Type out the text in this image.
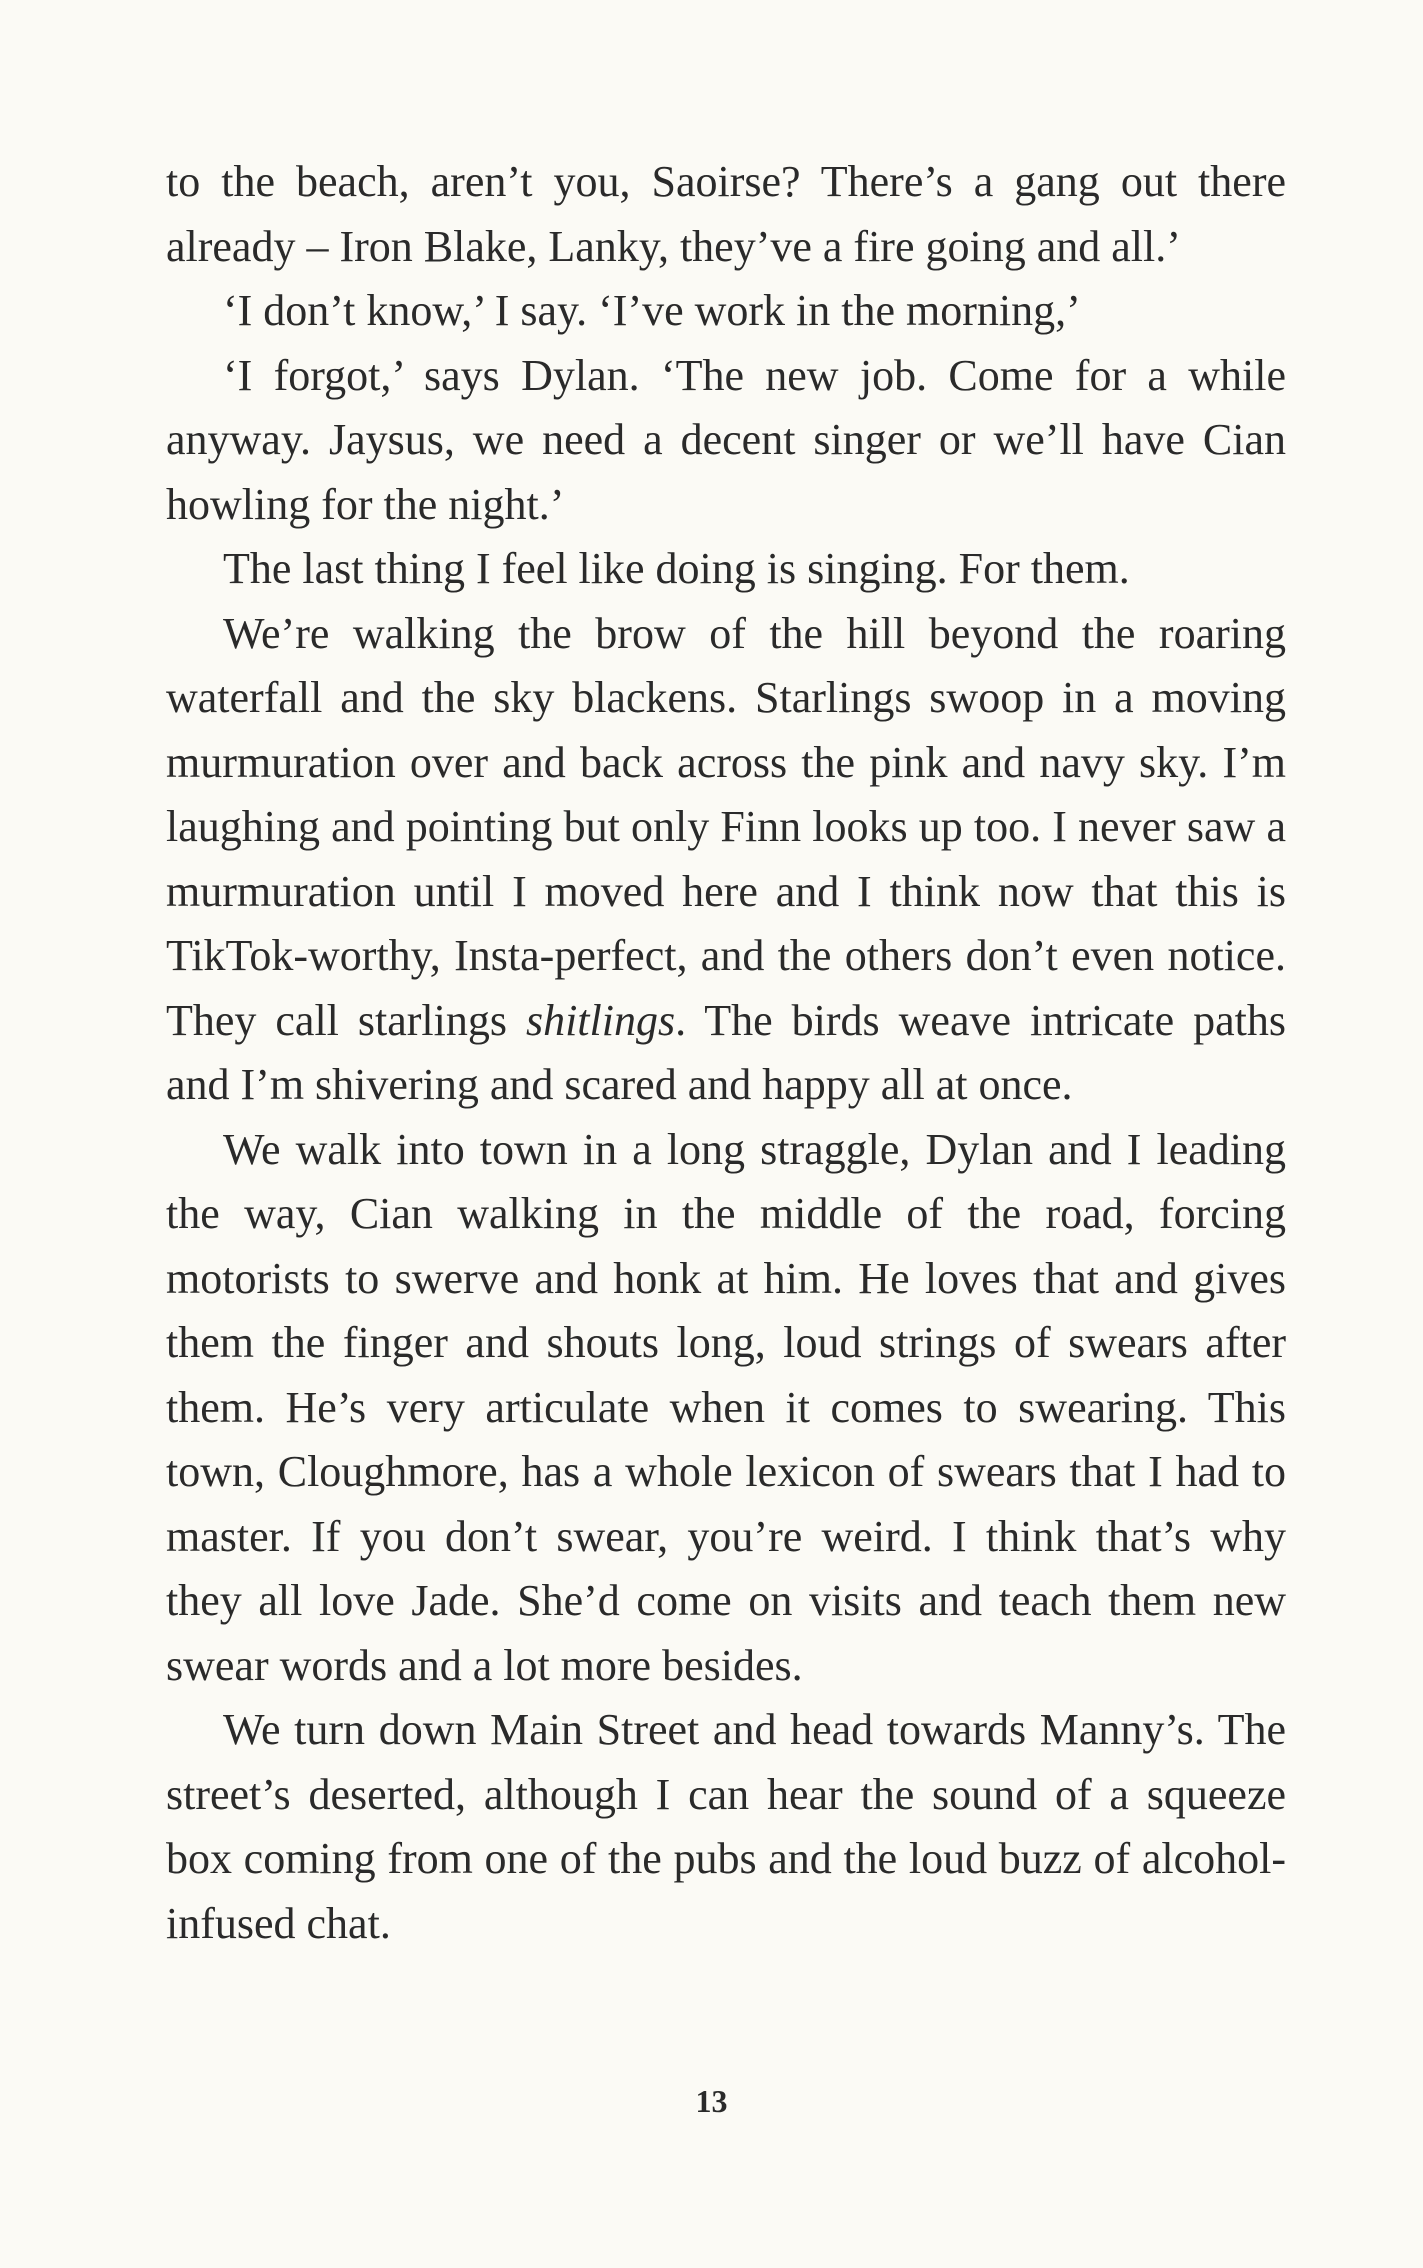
to the beach, aren’t you, Saoirse? There’s a gang out there already – Iron Blake, Lanky, they’ve a fire going and all.’

‘I don’t know,’ I say. ‘I’ve work in the morning,’

‘I forgot,’ says Dylan. ‘The new job. Come for a while anyway. Jaysus, we need a decent singer or we’ll have Cian howling for the night.’

The last thing I feel like doing is singing. For them.

We’re walking the brow of the hill beyond the roaring waterfall and the sky blackens. Starlings swoop in a moving murmuration over and back across the pink and navy sky. I’m laughing and pointing but only Finn looks up too. I never saw a murmuration until I moved here and I think now that this is TikTok-worthy, Insta-perfect, and the others don’t even notice. They call starlings shitlings. The birds weave intricate paths and I’m shivering and scared and happy all at once.

We walk into town in a long straggle, Dylan and I leading the way, Cian walking in the middle of the road, forcing motorists to swerve and honk at him. He loves that and gives them the finger and shouts long, loud strings of swears after them. He’s very articulate when it comes to swearing. This town, Cloughmore, has a whole lexicon of swears that I had to master. If you don’t swear, you’re weird. I think that’s why they all love Jade. She’d come on visits and teach them new swear words and a lot more besides.

We turn down Main Street and head towards Manny’s. The street’s deserted, although I can hear the sound of a squeeze box coming from one of the pubs and the loud buzz of alcohol-infused chat.

13
